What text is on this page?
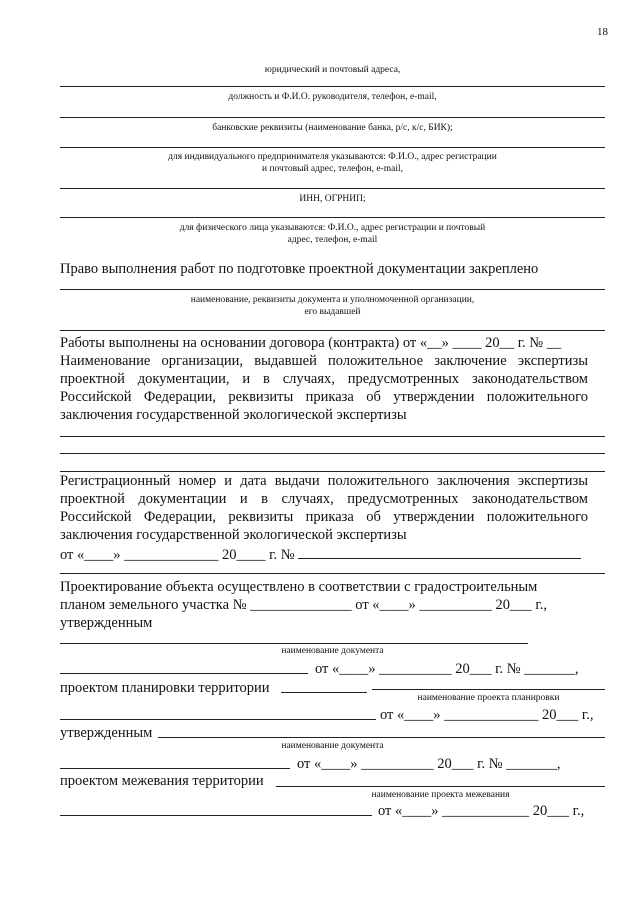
18
юридический и почтовый адреса,
должность и Ф.И.О. руководителя, телефон, e-mail,
банковские реквизиты (наименование банка, р/с, к/с, БИК);
для индивидуального предпринимателя указываются: Ф.И.О., адрес регистрации
и почтовый адрес, телефон, e-mail,
ИНН, ОГРНИП;
для физического лица указываются: Ф.И.О., адрес регистрации и почтовый
адрес, телефон, e-mail
Право выполнения работ по подготовке проектной документации закреплено
наименование, реквизиты документа и уполномоченной организации,
его выдавшей
Работы выполнены на основании договора (контракта) от «__» ____ 20__ г. № __
Наименование организации, выдавшей положительное заключение экспертизы проектной документации, и в случаях, предусмотренных законодательством Российской Федерации, реквизиты приказа об утверждении положительного заключения государственной экологической экспертизы
Регистрационный номер и дата выдачи положительного заключения экспертизы проектной документации и в случаях, предусмотренных законодательством Российской Федерации, реквизиты приказа об утверждении положительного заключения государственной экологической экспертизы
от «____» _____________ 20____ г. №
Проектирование объекта осуществлено в соответствии с градостроительным
планом земельного участка № ______________ от «____» __________ 20___ г.,
утвержденным
наименование документа
от «____» __________ 20___ г. № _______,
проектом планировки территории
наименование проекта планировки
от «____» _____________ 20___ г.,
утвержденным
наименование документа
от «____» __________ 20___ г. № _______,
проектом межевания территории
наименование проекта межевания
от «____» ____________ 20___ г.,
